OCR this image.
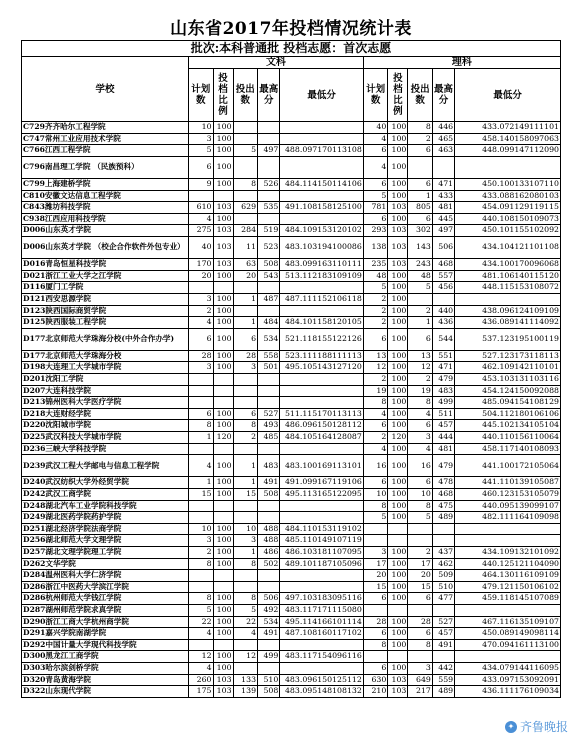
山东省2017年投档情况统计表
批次:本科普通批 投档志愿：首次志愿										
学校	文科					理科				
	计划数	投档比例	投出数	最高分	最低分	计划数	投档比例	投出数	最高分	最低分
C729齐齐哈尔工程学院	10	100				40	100	8	446	433.072149111101
C747常州工业应用技术学院	3	100				4	100	2	465	458.140158097063
C766江西工程学院	5	100	5	497	488.097170113108	6	100	6	463	448.099147112090
C796南昌理工学院 （民族预科）	6	100				4	100			
C799上海建桥学院	9	100	8	526	484.114150114106	6	100	6	471	450.100133107110
C810安徽文达信息工程学院						5	100	1	433	433.088162080103
C843潍坊科技学院	610	103	629	535	491.108158125100	781	103	805	481	454.091129119115
C938江西应用科技学院	4	100				6	100	6	445	440.108150109073
D006山东英才学院	275	103	284	519	484.109153120102	293	103	302	497	450.101155102092
D006山东英才学院 （校企合作软件外包专业）	40	103	11	523	483.103194100086	138	103	143	506	434.104121101108
D016青岛恒星科技学院	170	103	63	508	483.099163110111	235	103	243	468	434.100170096068
D021浙江工业大学之江学院	20	100	20	543	513.112183109109	48	100	48	557	481.106140115120
D116厦门工学院						5	100	5	456	448.115153108072
D121西安思源学院	3	100	1	487	487.111152106118	2	100			
D123陕西国际商贸学院	2	100				2	100	2	440	438.096124109109
D125陕西服装工程学院	4	100	1	484	484.101158120105	2	100	1	436	436.089141114092
D177北京师范大学珠海分校(中外合作办学)	6	100	6	534	521.118155122126	6	100	6	544	537.123195100119
D177北京师范大学珠海分校	28	100	28	558	523.111188111113	13	100	13	551	527.123173118113
D198大连理工大学城市学院	3	100	3	501	495.105143127120	12	100	12	471	462.109142110101
D201沈阳工学院						2	100	2	479	453.103131103116
D207大连科技学院						19	100	19	483	454.124150092088
D213锦州医科大学医疗学院						8	100	8	499	485.094154108129
D218大连财经学院	6	100	6	527	511.115170113113	4	100	4	511	504.112180106106
D220沈阳城市学院	8	100	8	493	486.096150128112	6	100	6	457	445.102134105104
D225武汉科技大学城市学院	1	120	2	485	484.105164128087	2	120	3	444	440.110156110064
D236三峡大学科技学院						4	100	4	481	458.117140108093
D239武汉工程大学邮电与信息工程学院	4	100	1	483	483.100169113101	16	100	16	479	441.100172105064
D240武汉纺织大学外经贸学院	1	100	1	491	491.099167119106	6	100	6	478	441.110139105087
D242武汉工商学院	15	100	15	508	495.113165122095	10	100	10	468	460.123153105079
D248湖北汽车工业学院科技学院						8	100	8	475	440.095139099107
D249湖北医药学院药护学院						5	100	5	489	482.111164109098
D251湖北经济学院法商学院	10	100	10	488	484.110153119102					
D256湖北师范大学文理学院	3	100	3	488	485.110149107119					
D257湖北文理学院理工学院	2	100	1	486	486.103181107095	3	100	2	437	434.109132101092
D262文华学院	8	100	8	502	489.101187105096	17	100	17	462	440.125121104090
D284温州医科大学仁济学院						20	100	20	509	464.130116109109
D286浙江中医药大学滨江学院						15	100	15	510	479.121150106102
D286杭州师范大学钱江学院	8	100	8	506	497.103183095116	6	100	6	477	459.118145107089
D287湖州师范学院求真学院	5	100	5	492	483.117171115080					
D290浙江工商大学杭州商学院	22	100	22	534	495.114166101114	28	100	28	527	467.116135109107
D291嘉兴学院南湖学院	4	100	4	491	487.108160117102	6	100	6	457	450.089149098114
D292中国计量大学现代科技学院						8	100	8	491	470.094161113100
D300黑龙江工商学院	12	100	12	499	483.117154096116					
D303哈尔滨剑桥学院	4	100				6	100	3	442	434.079144116095
D320青岛黄海学院	260	103	133	510	483.096150125112	630	103	649	559	433.097153092091
D322山东现代学院	175	103	139	508	483.095148108132	210	103	217	489	436.111176109034
✦ 齐鲁晚报
